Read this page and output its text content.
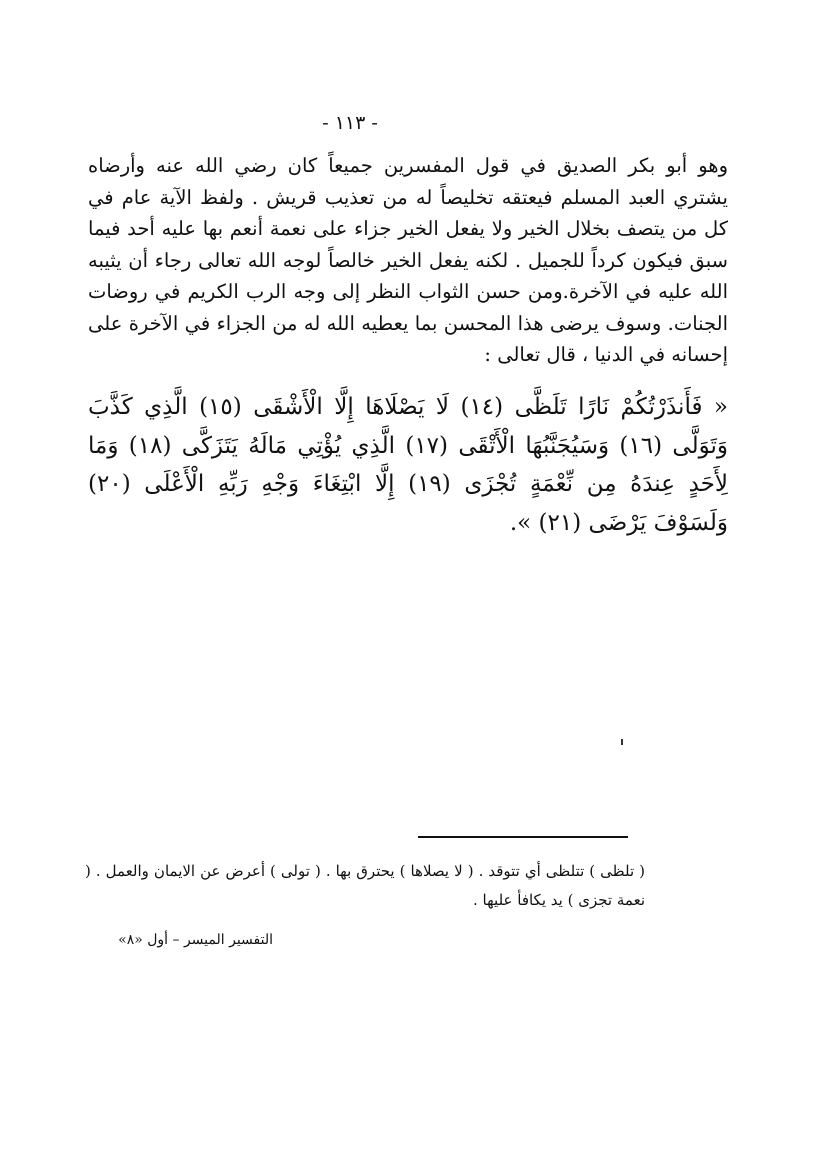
- ١١٣ -

وهو أبو بكر الصديق في قول المفسرين جميعاً كان رضي الله عنه وأرضاه يشتري العبد المسلم فيعتقه تخليصاً له من تعذيب قريش . ولفظ الآية عام في كل من يتصف بخلال الخير ولا يفعل الخير جزاء على نعمة أنعم بها عليه أحد فيما سبق فيكون كرداً للجميل . لكنه يفعل الخير خالصاً لوجه الله تعالى رجاء أن يثيبه الله عليه في الآخرة.ومن حسن الثواب النظر إلى وجه الرب الكريم في روضات الجنات. وسوف يرضى هذا المحسن بما يعطيه الله له من الجزاء في الآخرة على إحسانه في الدنيا ، قال تعالى :

« فَأَنذَرْتُكُمْ نَارًا تَلَظَّى (١٤) لَا يَصْلَاهَا إِلَّا الْأَشْقَى (١٥) الَّذِي كَذَّبَ وَتَوَلَّى (١٦) وَسَيُجَنَّبُهَا الْأَتْقَى (١٧) الَّذِي يُؤْتِي مَالَهُ يَتَزَكَّى (١٨) وَمَا لِأَحَدٍ عِندَهُ مِن نِّعْمَةٍ تُجْزَى (١٩) إِلَّا ابْتِغَاءَ وَجْهِ رَبِّهِ الْأَعْلَى (٢٠) وَلَسَوْفَ يَرْضَى (٢١) ».

( تلظى ) تتلظى أي تتوقد . ( لا يصلاها ) يحترق بها . ( تولى ) أعرض عن الايمان والعمل . ( نعمة تجزى ) يد يكافأ عليها .

التفسير الميسر – أول «٨»
